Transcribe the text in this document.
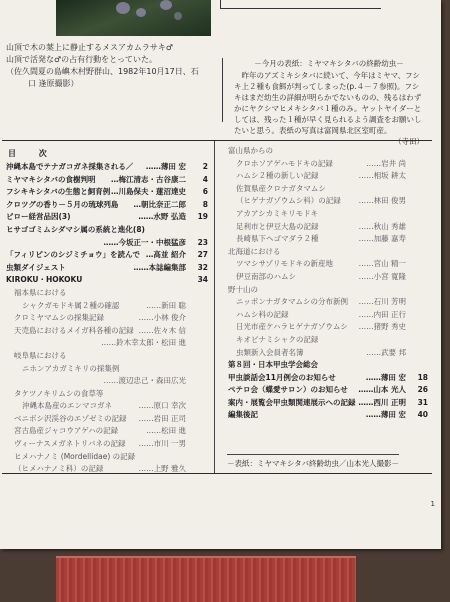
山頂で木の葉上に静止するメスアカムラサキ♂
山頂で活発な♂の占有行動をとっていた。
（佐久間夏の島嶼木村野群山、1982年10月17日、石
口 逢原撮影）
－今月の表紙：ミヤマキシタバの終齢幼虫－
昨年のアズミキシタバに続いて、今年はミヤマ、フシキ上２種も食餌が判ってしまった(p.４－７参照)。フシキはまだ幼生の詳細が明らかでないものの、残るはわずかにヤクシマヒメキシタバ１種のみ。ヤットヤイダーとしては、残った１種が早く見られるよう調査をお願いしたいと思う。表紙の写真は富岡県北区室町産。
（寺田）
目 次
沖縄本島でテナガコガネ採集される／ ……薄田 宏	2
ミヤマキシタバの食樹判明 …梅江清志・古谷康二	4
フシキキシタバの生態と飼育例 …川島保夫・蓮沼達史	6
クロツグの香り－５月の琉球列島 …朝比奈正二郎	8
ビロー経営品因(3)	……水野 弘造	19
ヒサゴゴミムシダマシ属の系統と進化(8)
……今坂正一・中根猛彦	23
「フィリピンのシジミチョウ」を読んで …高並 紹介	27
虫類ダイジェスト	……本誌編集部	32
KIROKU・HOKOKU	34
福本県における
シャクガモドキ属２種の確認	……新田 聡
クロミヤマムシの採集記録	……小林 俊介
天売島におけるメイガ科各種の記録 ……佐々木 信
……鈴木幸太郎・松田 進
岐阜県における
ニホンアカガミキリの採集例
……渡辺忠己・森田広光
タケツノキリムシの食草等
沖縄本島産のエンマコガネ	……原口 幸次
ベニボシ沢渓谷のエゾゼミの記録 ……岩田 正司
宮古島産ジャコウアゲハの記録	……松田 進
ヴィーナスメガネトリバネの記録 ……市川 一男
ヒメハナノミ (Mordellidae) の記録
（ヒメハナノミ科）の記録	……上野 雅久
富山県からの
クロホソアゲハモドキの記録	……岩井 尚
ハムシ２種の新しい記録	……相坂 耕太
佐賀県産クロナガタマムシ
（ヒゲナガゾウムシ科）の記録 ……林田 俊男
アカアシカミキリモドキ
足利市と伊豆大島の記録	……秋山 秀雄
長崎県下へゴマダラ２種	……加藤 嘉寿
北海道における
ツマシサゾリモドキの新産地	……宮山 精一
伊豆南部のハムシ	……小宮 寛隆
野十山の
ニッポンナガタマムシの分布新例 ……石川 芳明
ハムシ科の記録	……内田 正行
日光市産ケハラヒゲナガゾウムシ ……猪野 秀史
キオビナミシャクの記録
虫類新入会員者名簿	……武要 邦
第８回・日本甲虫学会総会
甲虫談話会11月例会のお知らせ	……薄田 宏	18
ペテロ会（蝶愛サロン）のお知らせ ……山本 光人	26
案内・展覧会甲虫類関連展示への記録 ……西川 正明	31
編集後記	……薄田 宏	40
－表紙：ミヤマキシタバ終齢幼虫／山本光人撮影－
1
